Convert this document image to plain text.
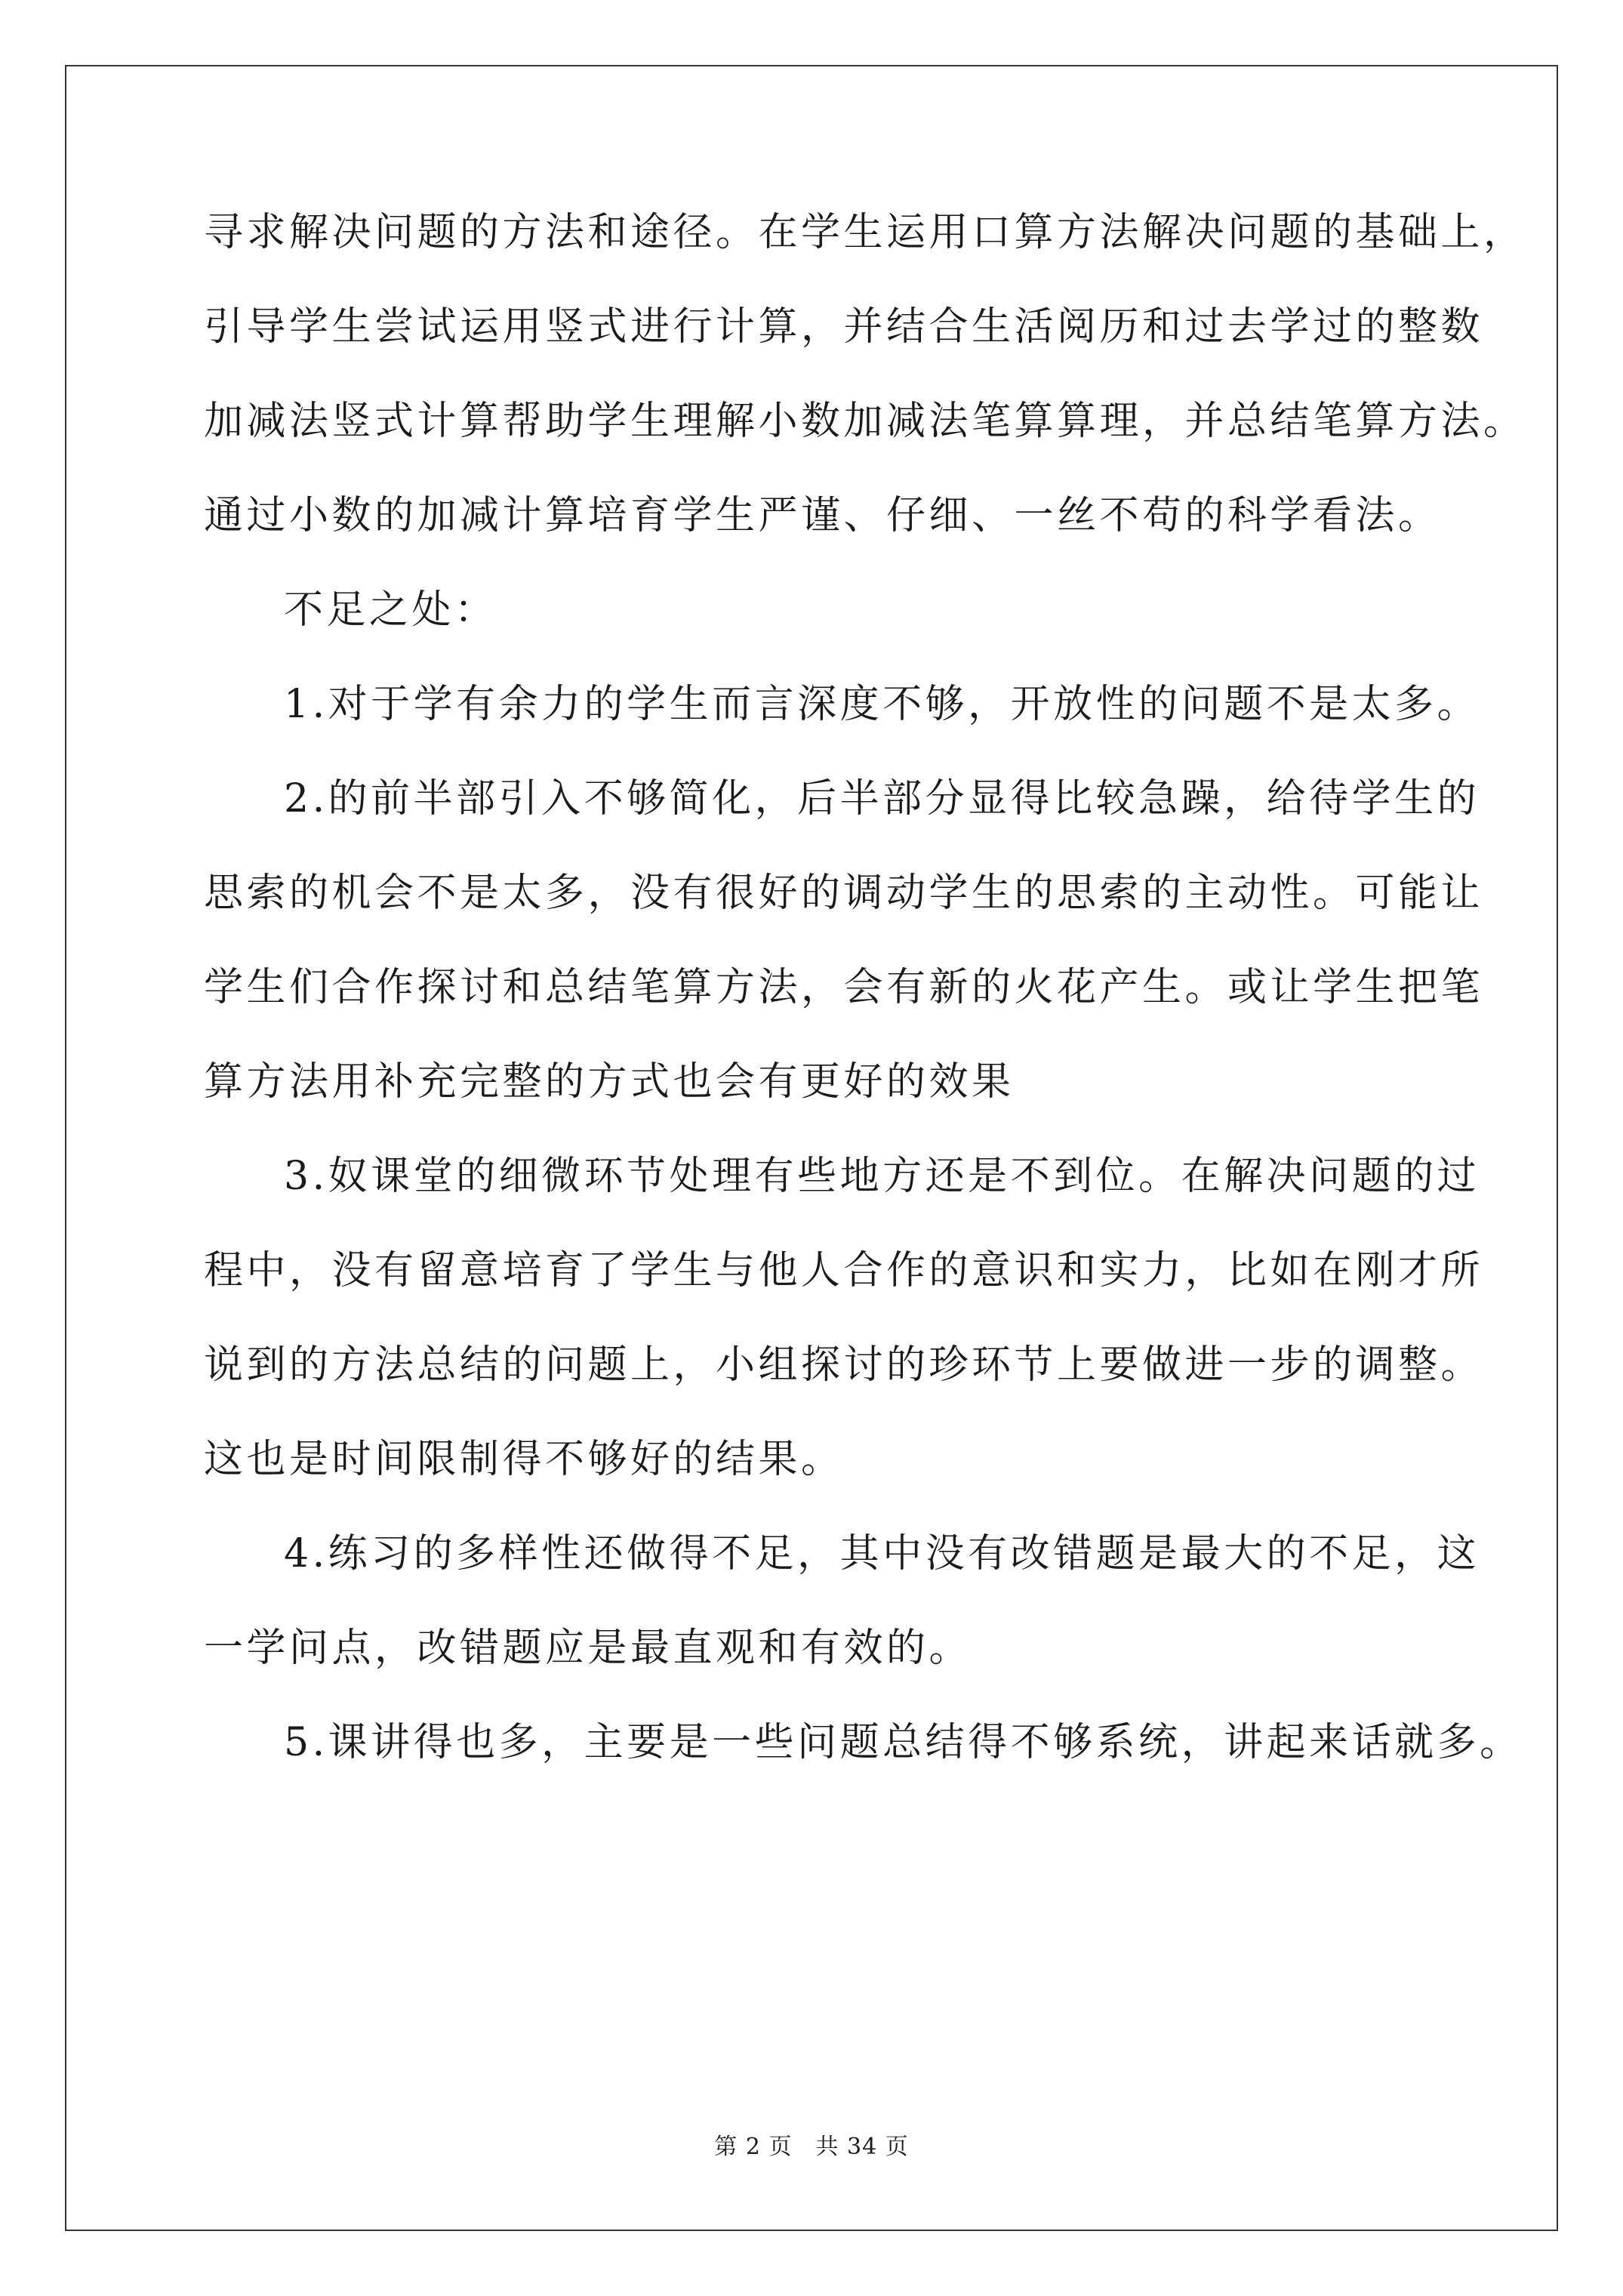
寻求解决问题的方法和途径。在学生运用口算方法解决问题的基础上，
引导学生尝试运用竖式进行计算，并结合生活阅历和过去学过的整数
加减法竖式计算帮助学生理解小数加减法笔算算理，并总结笔算方法。
通过小数的加减计算培育学生严谨、仔细、一丝不苟的科学看法。
不足之处：
1.对于学有余力的学生而言深度不够，开放性的问题不是太多。
2.的前半部引入不够简化，后半部分显得比较急躁，给待学生的
思索的机会不是太多，没有很好的调动学生的思索的主动性。可能让
学生们合作探讨和总结笔算方法，会有新的火花产生。或让学生把笔
算方法用补充完整的方式也会有更好的效果
3.奴课堂的细微环节处理有些地方还是不到位。在解决问题的过
程中，没有留意培育了学生与他人合作的意识和实力，比如在刚才所
说到的方法总结的问题上，小组探讨的珍环节上要做进一步的调整。
这也是时间限制得不够好的结果。
4.练习的多样性还做得不足，其中没有改错题是最大的不足，这
一学问点，改错题应是最直观和有效的。
5.课讲得也多，主要是一些问题总结得不够系统，讲起来话就多。
第 2 页　共 34 页
